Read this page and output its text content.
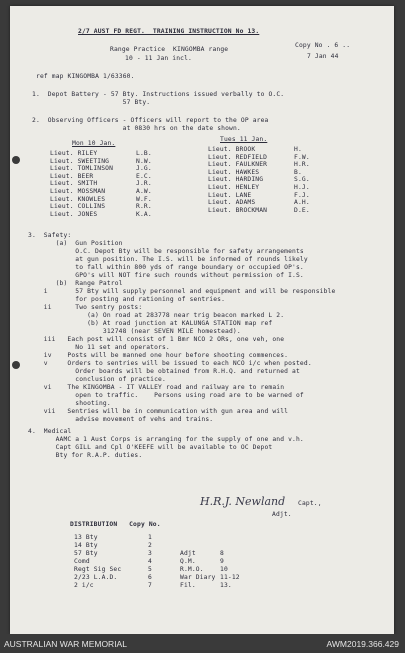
2/7 AUST FD REGT.  TRAINING INSTRUCTION No 13.
Range Practice  KINGOMBA range
10 - 11 Jan incl.
Copy No . 6 ..
7 Jan 44
ref map KINGOMBA 1/63360.
1.  Depot Battery - 57 Bty. Instructions issued verbally to O.C.
57 Bty.
2.  Observing Officers - Officers will report to the OP area
at 0830 hrs on the date shown.
Mon 10 Jan.
Tues 11 Jan.
Lieut. RILEY	L.B.
Lieut. SWEETING	N.W.
Lieut. TOMLINSON	J.G.
Lieut. BEER	E.C.
Lieut. SMITH	J.R.
Lieut. MOSSMAN	A.W.
Lieut. KNOWLES	W.F.
Lieut. COLLINS	R.R.
Lieut. JONES	K.A.
Lieut. BROOK	H.
Lieut. REDFIELD	F.W.
Lieut. FAULKNER	H.R.
Lieut. HAWKES	B.
Lieut. HARDING	S.G.
Lieut. HENLEY	H.J.
Lieut. LANE	F.J.
Lieut. ADAMS	A.H.
Lieut. BROCKMAN	D.E.
3.  Safety:
(a)  Gun Position
O.C. Depot Bty will be responsible for safety arrangements
at gun position. The I.S. will be informed of rounds likely
to fall within 800 yds of range boundary or occupied OP's.
GPO's will NOT fire such rounds without permission of I.S.
(b)  Range Patrol
i       57 Bty will supply personnel and equipment and will be responsible
for posting and rationing of sentries.
ii      Two sentry posts:
(a) On road at 283778 near trig beacon marked L 2.
(b) At road junction at KALUNGA STATION map ref
312748 (near SEVEN MILE homestead).
iii   Each post will consist of 1 Bmr NCO 2 ORs, one veh, one
No 11 set and operators.
iv    Posts will be manned one hour before shooting commences.
v     Orders to sentries will be issued to each NCO i/c when posted.
Order boards will be obtained from R.H.Q. and returned at
conclusion of practice.
vi    The KINGOMBA - IT VALLEY road and railway are to remain
open to traffic.    Persons using road are to be warned of
shooting.
vii   Sentries will be in communication with gun area and will
advise movement of vehs and trains.
4.  Medical
AAMC a 1 Aust Corps is arranging for the supply of one and v.h.
Capt GILL and Cpl O'KEEFE will be available to OC Depot
Bty for R.A.P. duties.
H.R.J. Newland Capt.,
Adjt.
DISTRIBUTION   Copy No.
13 Bty	1
14 Bty	2
57 Bty	3	Adjt	8
Comd	4	Q.M.	9
Regt Sig Sec	5	R.M.O.	10
2/23 L.A.D.	6	War Diary 11-12
2 i/c	7	Fil.	13.
AUSTRALIAN WAR MEMORIAL	AWM2019.366.429
